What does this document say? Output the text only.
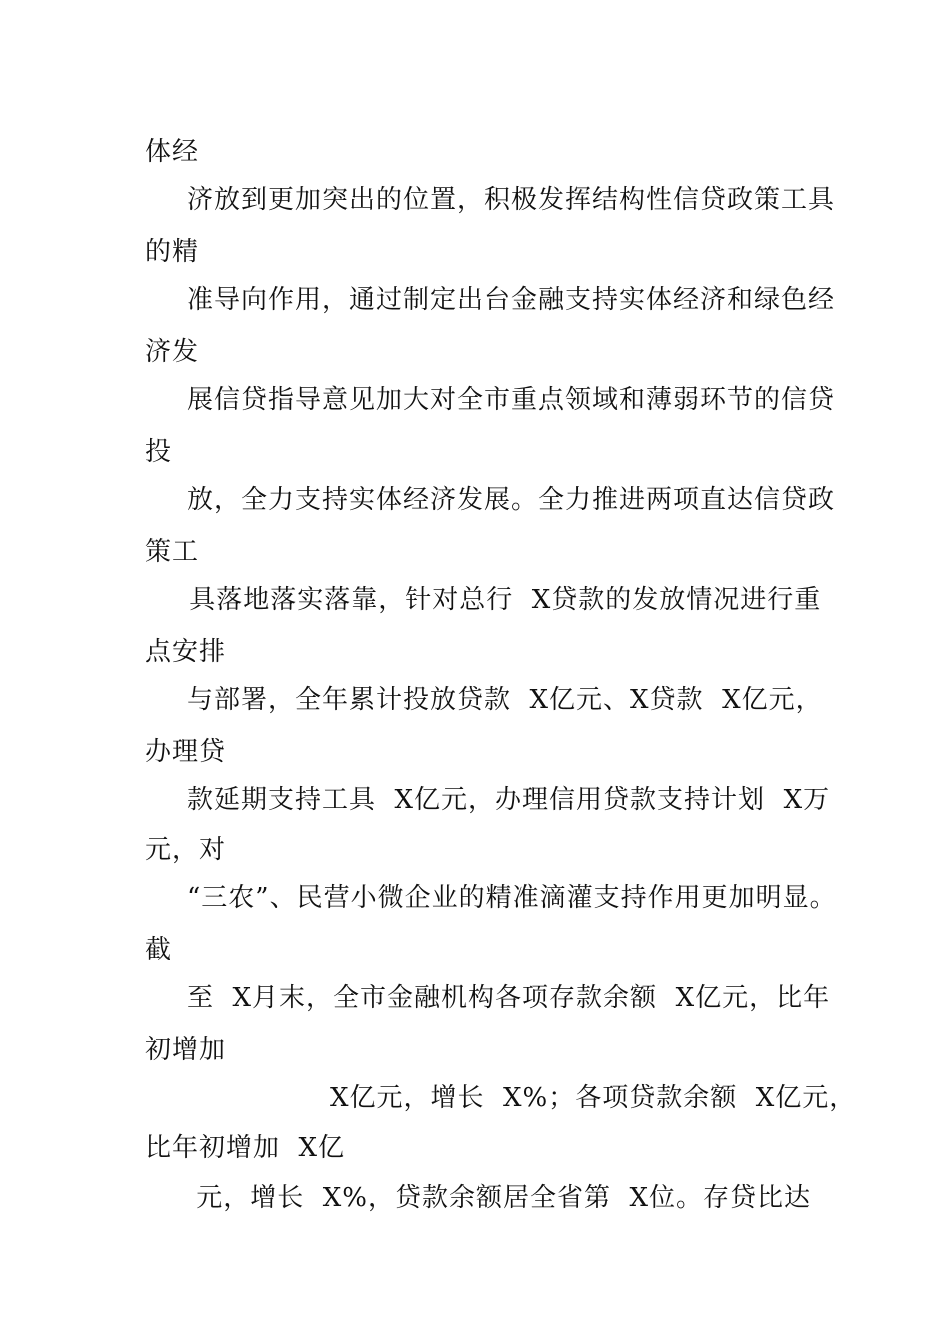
体经
济放到更加突出的位置，积极发挥结构性信贷政策工具
的精
准导向作用，通过制定出台金融支持实体经济和绿色经
济发
展信贷指导意见加大对全市重点领域和薄弱环节的信贷
投
放，全力支持实体经济发展。全力推进两项直达信贷政
策工
具落地落实落靠，针对总行  X贷款的发放情况进行重
点安排
与部署，全年累计投放贷款  X亿元、X贷款  X亿元，
办理贷
款延期支持工具  X亿元，办理信用贷款支持计划  X万
元，对
“三农”、民营小微企业的精准滴灌支持作用更加明显。
截
至  X月末，全市金融机构各项存款余额  X亿元，比年
初增加
X亿元，增长  X%；各项贷款余额  X亿元，
比年初增加  X亿
元，增长  X%，贷款余额居全省第  X位。存贷比达
